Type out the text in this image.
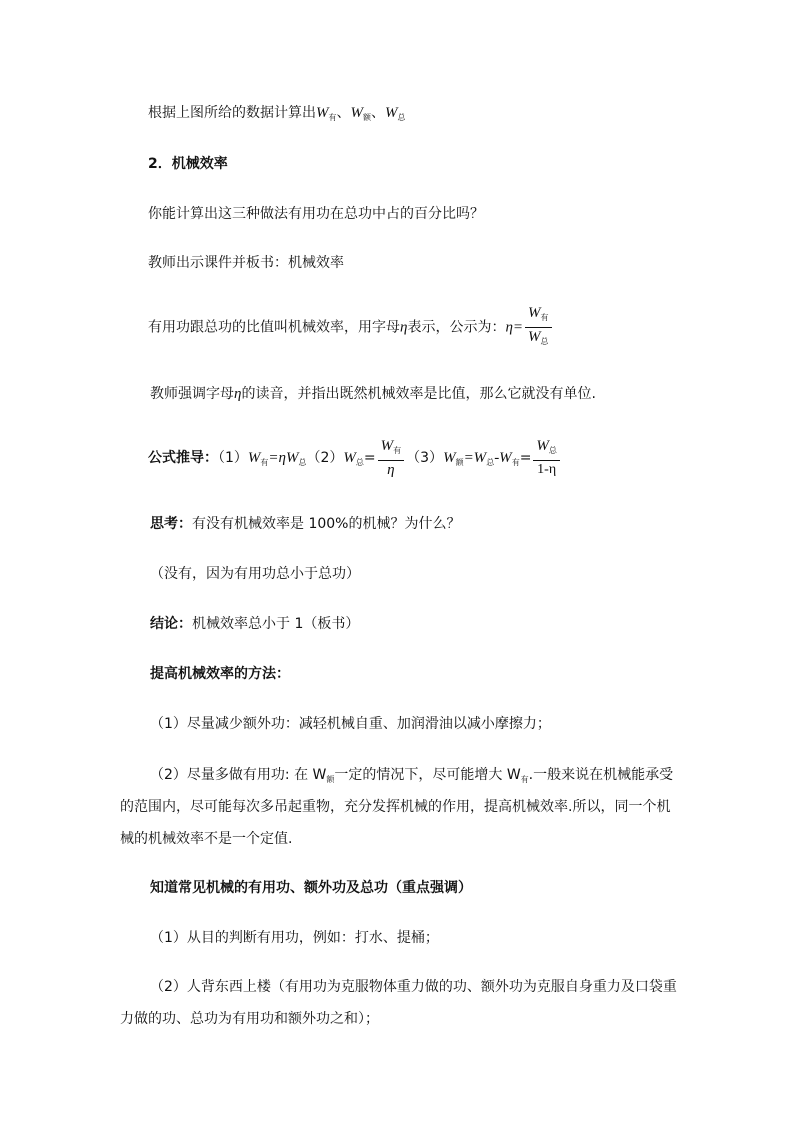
根据上图所给的数据计算出$W_有$、$W_额$、$W_总$
2．机械效率
你能计算出这三种做法有用功在总功中占的百分比吗？
教师出示课件并板书：机械效率
有用功跟总功的比值叫机械效率，用字母η表示，公示为：$\eta= \frac{W_有}{W_总}$
教师强调字母η的读音，并指出既然机械效率是比值，那么它就没有单位.
公式推导：$(1)W_有=\eta W_总(2)W_总= \frac{W_有}{\eta} (3)W_额=W_总-W_有= \frac{W_总}{1-\eta}$
思考：有没有机械效率是 100%的机械？为什么？
（没有，因为有用功总小于总功）
结论：机械效率总小于 1（板书）
提高机械效率的方法：
（1）尽量减少额外功：减轻机械自重、加润滑油以减小摩擦力；
（2）尽量多做有用功: 在 $W_额$一定的情况下，尽可能增大 $W_有$.一般来说在机械能承受
的范围内，尽可能每次多吊起重物，充分发挥机械的作用，提高机械效率.所以，同一个机
械的机械效率不是一个定值.
知道常见机械的有用功、额外功及总功（重点强调）
（1）从目的判断有用功，例如：打水、提桶；
（2）人背东西上楼（有用功为克服物体重力做的功、额外功为克服自身重力及口袋重
力做的功、总功为有用功和额外功之和）；
